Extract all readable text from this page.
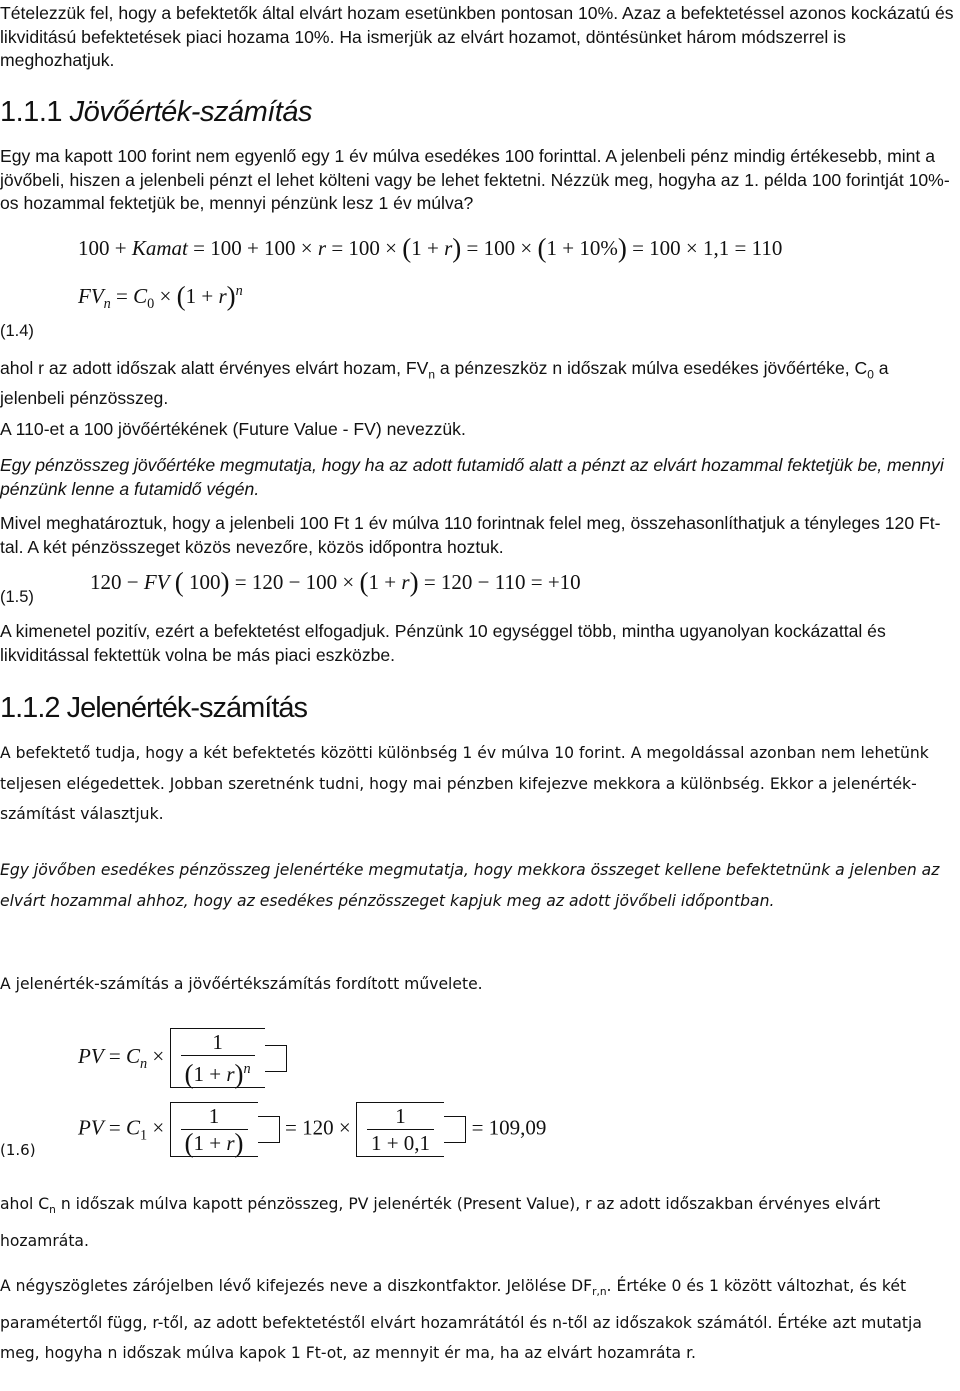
Tételezzük fel, hogy a befektetők által elvárt hozam esetünkben pontosan 10%. Azaz a befektetéssel azonos kockázatú és likviditású befektetések piaci hozama 10%. Ha ismerjük az elvárt hozamot, döntésünket három módszerrel is meghozhatjuk.

1.1.1 Jövőérték-számítás

Egy ma kapott 100 forint nem egyenlő egy 1 év múlva esedékes 100 forinttal. A jelenbeli pénz mindig értékesebb, mint a jövőbeli, hiszen a jelenbeli pénzt el lehet költeni vagy be lehet fektetni. Nézzük meg, hogyha az 1. példa 100 forintját 10%-os hozammal fektetjük be, mennyi pénzünk lesz 1 év múlva?

100 + Kamat = 100 + 100 × r = 100 × (1 + r) = 100 × (1 + 10%) = 100 × 1,1 = 110
$FV_n = C_0 \times (1 + r)^n$
(1.4)

ahol r az adott időszak alatt érvényes elvárt hozam, $FV_n$ a pénzeszköz n időszak múlva esedékes jövőértéke, $C_0$ a jelenbeli pénzösszeg.

A 110-et a 100 jövőértékének (Future Value - FV) nevezzük.

Egy pénzösszeg jövőértéke megmutatja, hogy ha az adott futamidő alatt a pénzt az elvárt hozammal fektetjük be, mennyi pénzünk lenne a futamidő végén.

Mivel meghatároztuk, hogy a jelenbeli 100 Ft 1 év múlva 110 forintnak felel meg, összehasonlíthatjuk a tényleges 120 Ft-tal. A két pénzösszeget közös nevezőre, közös időpontra hoztuk.

120 − FV ( 100) = 120 − 100 × (1 + r) = 120 − 110 = +10
(1.5)

A kimenetel pozitív, ezért a befektetést elfogadjuk. Pénzünk 10 egységgel több, mintha ugyanolyan kockázattal és likviditással fektettük volna be más piaci eszközbe.

1.1.2 Jelenérték-számítás

A befektető tudja, hogy a két befektetés közötti különbség 1 év múlva 10 forint. A megoldással azonban nem lehetünk teljesen elégedettek. Jobban szeretnénk tudni, hogy mai pénzben kifejezve mekkora a különbség. Ekkor a jelenérték-számítást választjuk.

Egy jövőben esedékes pénzösszeg jelenértéke megmutatja, hogy mekkora összeget kellene befektetnünk a jelenben az elvárt hozammal ahhoz, hogy az esedékes pénzösszeget kapjuk meg az adott jövőbeli időpontban.

A jelenérték-számítás a jövőértékszámítás fordított művelete.

PV = $C_n \times \frac{1}{(1 + r)^n}$

PV = $C_1 \times \frac{1}{(1 + r)} = 120 \times \frac{1}{1 + 0,1} = 109,09$
(1.6)

ahol $C_n$ n időszak múlva kapott pénzösszeg, PV jelenérték (Present Value), r az adott időszakban érvényes elvárt hozamráta.

A négyszögletes zárójelben lévő kifejezés neve a diszkontfaktor. Jelölése $DF_{r,n}$. Értéke 0 és 1 között változhat, és két paramétertől függ, r-től, az adott befektetéstől elvárt hozamrátától és n-től az időszakok számától. Értéke azt mutatja meg, hogyha n időszak múlva kapok 1 Ft-ot, az mennyit ér ma, ha az elvárt hozamráta r.
